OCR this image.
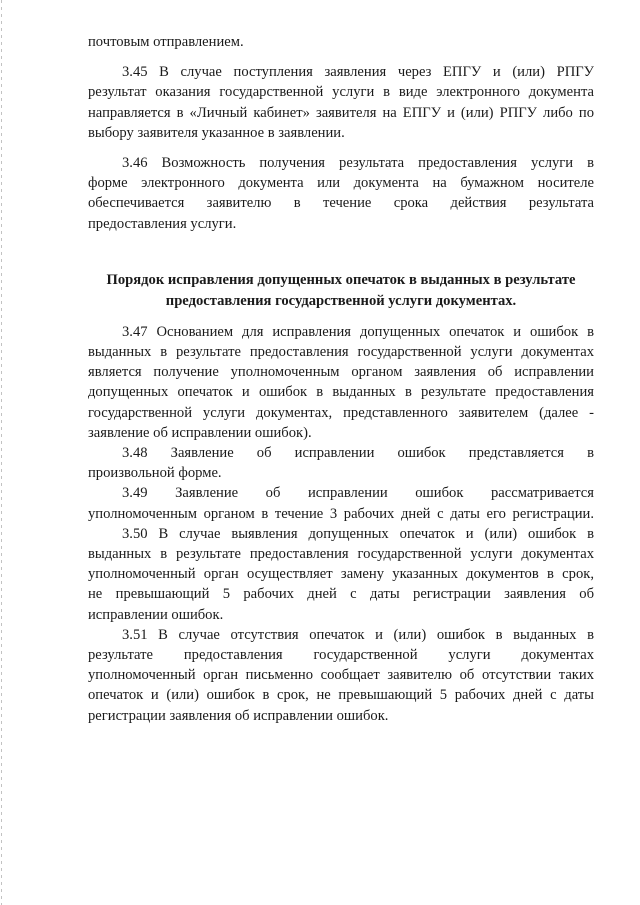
почтовым отправлением.

3.45 В случае поступления заявления через ЕПГУ и (или) РПГУ
результат оказания государственной услуги в виде электронного документа
направляется в «Личный кабинет» заявителя на ЕПГУ и (или) РПГУ либо по
выбору заявителя указанное в заявлении.

3.46 Возможность получения результата предоставления услуги в
форме электронного документа или документа на бумажном носителе
обеспечивается заявителю в течение срока действия результата
предоставления услуги.

Порядок исправления допущенных опечаток в выданных в результате
предоставления государственной услуги документах.

3.47 Основанием для исправления допущенных опечаток и ошибок в
выданных в результате предоставления государственной услуги документах
является получение уполномоченным органом заявления об исправлении
допущенных опечаток и ошибок в выданных в результате предоставления
государственной услуги документах, представленного заявителем (далее -
заявление об исправлении ошибок).

3.48 Заявление об исправлении ошибок представляется в
произвольной форме.

3.49 Заявление об исправлении ошибок рассматривается
уполномоченным органом в течение 3 рабочих дней с даты его регистрации.

3.50 В случае выявления допущенных опечаток и (или) ошибок в
выданных в результате предоставления государственной услуги документах
уполномоченный орган осуществляет замену указанных документов в срок,
не превышающий 5 рабочих дней с даты регистрации заявления об
исправлении ошибок.

3.51 В случае отсутствия опечаток и (или) ошибок в выданных в
результате предоставления государственной услуги документах
уполномоченный орган письменно сообщает заявителю об отсутствии таких
опечаток и (или) ошибок в срок, не превышающий 5 рабочих дней с даты
регистрации заявления об исправлении ошибок.
